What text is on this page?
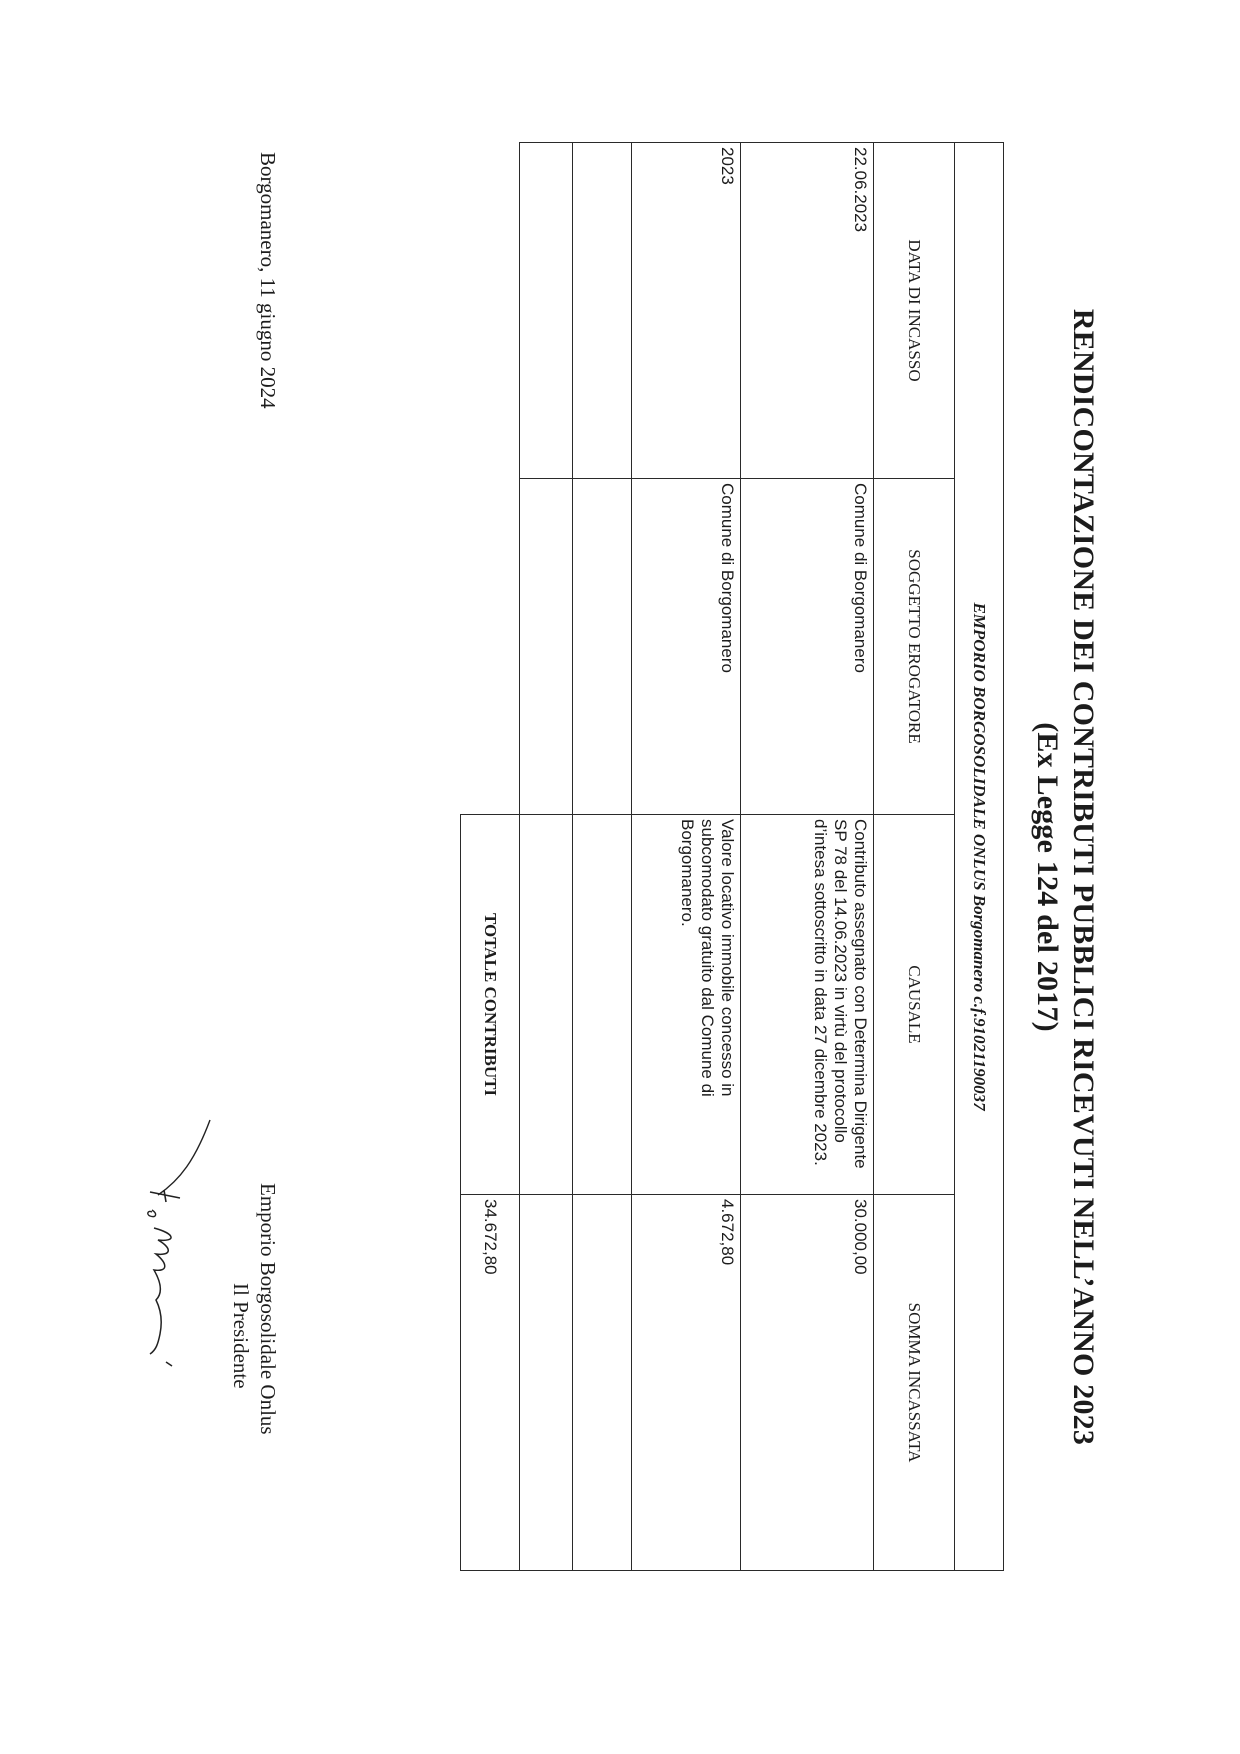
RENDICONTAZIONE DEI CONTRIBUTI PUBBLICI RICEVUTI NELL’ANNO 2023
(Ex Legge 124 del 2017)
EMPORIO BORGOSOLIDALE ONLUS Borgomanero c.f.91021190037			
DATA DI INCASSO	SOGGETTO EROGATORE	CAUSALE	SOMMA INCASSATA
22.06.2023	Comune di Borgomanero	Contributo assegnato con Determina Dirigente SP 78 del 14.06.2023 in virtù del protocollo d’intesa sottoscritto in data 27 dicembre 2023.	30.000,00
2023	Comune di Borgomanero	Valore locativo immobile concesso in subcomodato gratuito dal Comune di Borgomanero.	4.672,80

		TOTALE CONTRIBUTI	34.672,80
Borgomanero, 11 giugno 2024
Emporio Borgosolidale Onlus
Il Presidente
